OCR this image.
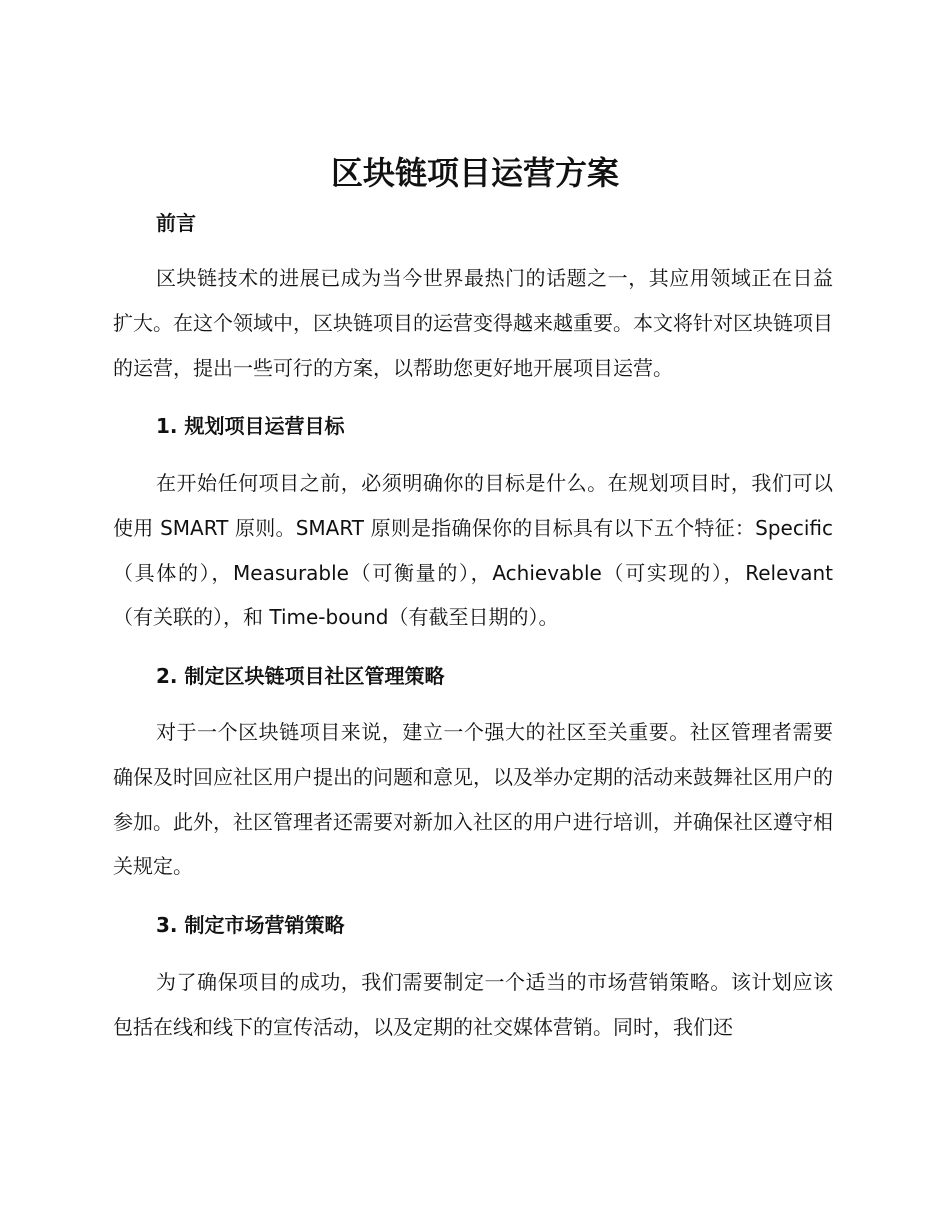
区块链项目运营方案
前言
区块链技术的进展已成为当今世界最热门的话题之一，其应用领域正在日益扩大。在这个领域中，区块链项目的运营变得越来越重要。本文将针对区块链项目的运营，提出一些可行的方案，以帮助您更好地开展项目运营。
1. 规划项目运营目标
在开始任何项目之前，必须明确你的目标是什么。在规划项目时，我们可以使用 SMART 原则。SMART 原则是指确保你的目标具有以下五个特征：Specific（具体的），Measurable（可衡量的），Achievable（可实现的），Relevant（有关联的），和 Time-bound（有截至日期的）。
2. 制定区块链项目社区管理策略
对于一个区块链项目来说，建立一个强大的社区至关重要。社区管理者需要确保及时回应社区用户提出的问题和意见，以及举办定期的活动来鼓舞社区用户的参加。此外，社区管理者还需要对新加入社区的用户进行培训，并确保社区遵守相关规定。
3. 制定市场营销策略
为了确保项目的成功，我们需要制定一个适当的市场营销策略。该计划应该包括在线和线下的宣传活动，以及定期的社交媒体营销。同时，我们还
